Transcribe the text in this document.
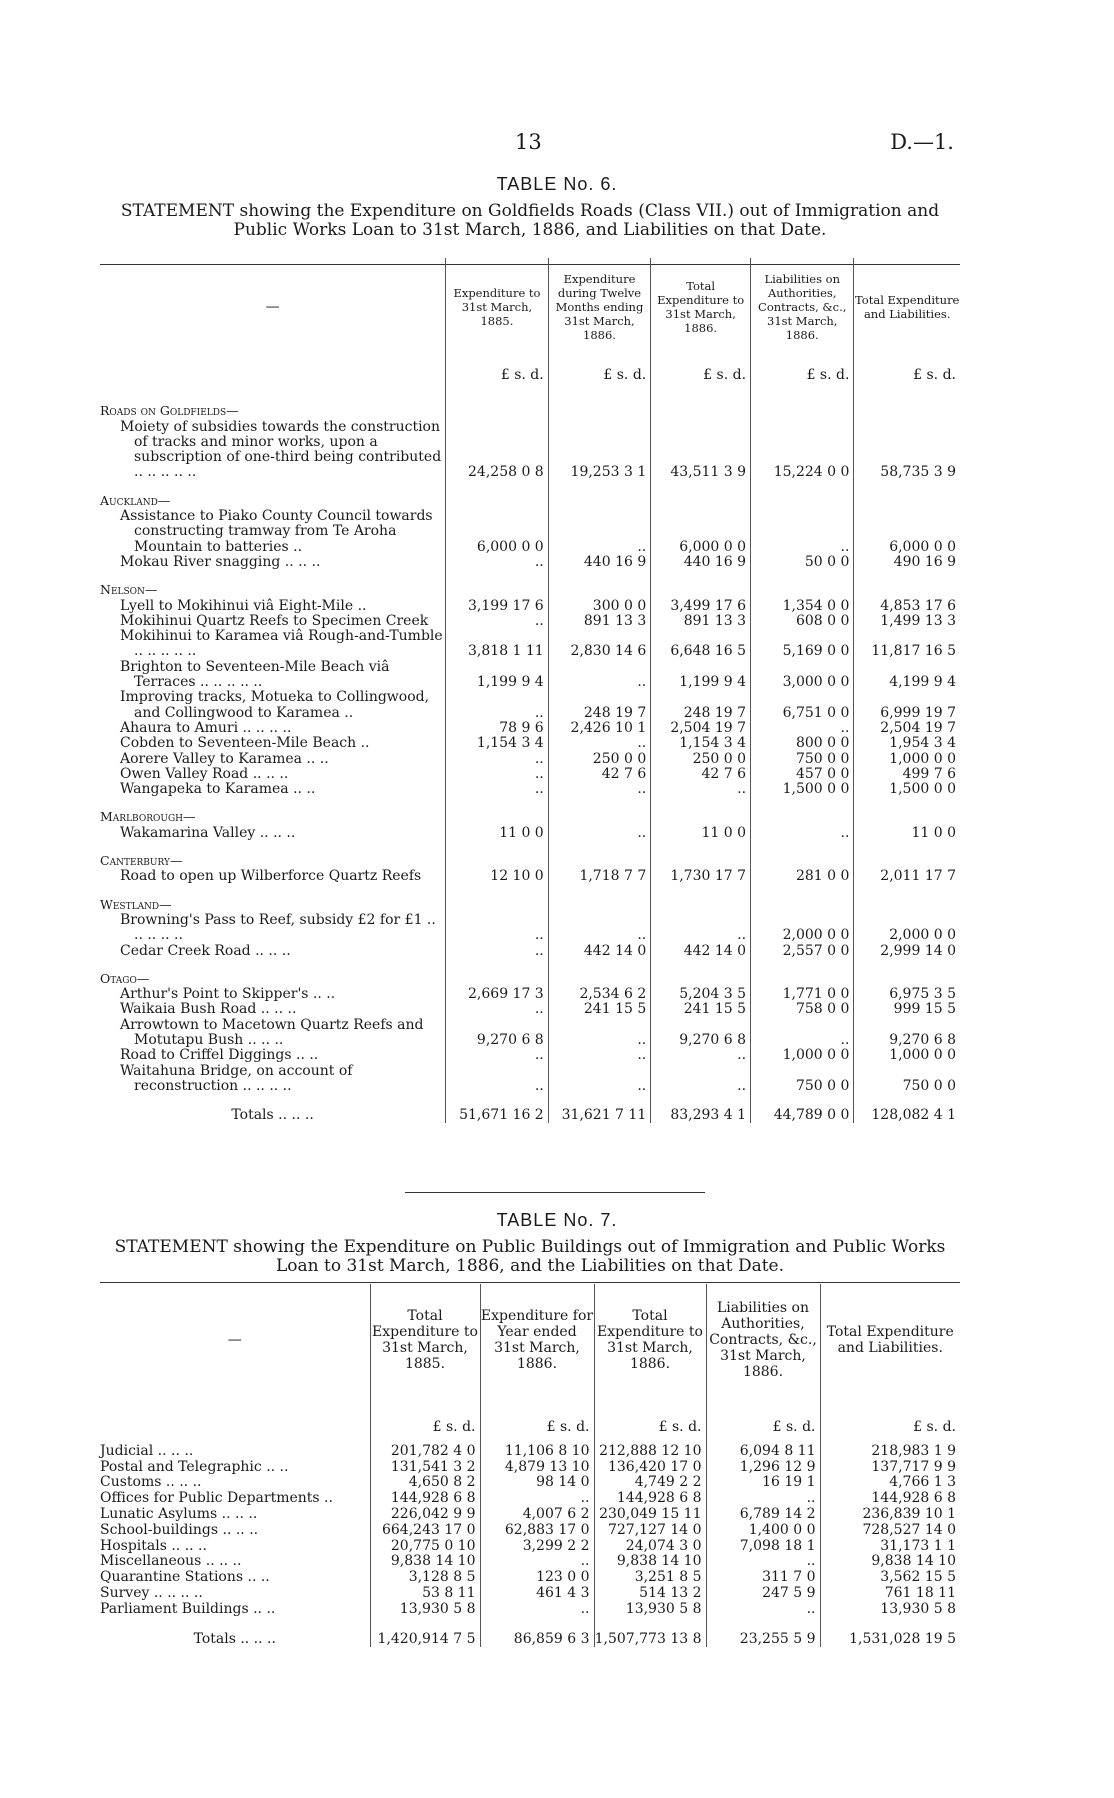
13	D.—1.
TABLE No. 6.
STATEMENT showing the Expenditure on Goldfields Roads (Class VII.) out of Immigration and Public Works Loan to 31st March, 1886, and Liabilities on that Date.
—	Expenditure to 31st March, 1885.	Expenditure during Twelve Months ending 31st March, 1886.	Total Expenditure to 31st March, 1886.	Liabilities on Authorities, Contracts, &c., 31st March, 1886.	Total Expenditure and Liabilities.
	£ s. d.	£ s. d.	£ s. d.	£ s. d.	£ s. d.
Roads on Goldfields—					
Moiety of subsidies towards the construction of tracks and minor works, upon a subscription of one-third being contributed .. .. .. .. ..	24,258 0 8	19,253 3 1	43,511 3 9	15,224 0 0	58,735 3 9
Auckland—					
Assistance to Piako County Council towards constructing tramway from Te Aroha Mountain to batteries ..	6,000 0 0	..	6,000 0 0	..	6,000 0 0
Mokau River snagging .. .. ..	..	440 16 9	440 16 9	50 0 0	490 16 9
Nelson—					
Lyell to Mokihinui viâ Eight-Mile ..	3,199 17 6	300 0 0	3,499 17 6	1,354 0 0	4,853 17 6
Mokihinui Quartz Reefs to Specimen Creek	..	891 13 3	891 13 3	608 0 0	1,499 13 3
Mokihinui to Karamea viâ Rough-and-Tumble .. .. .. .. ..	3,818 1 11	2,830 14 6	6,648 16 5	5,169 0 0	11,817 16 5
Brighton to Seventeen-Mile Beach viâ Terraces .. .. .. .. ..	1,199 9 4	..	1,199 9 4	3,000 0 0	4,199 9 4
Improving tracks, Motueka to Collingwood, and Collingwood to Karamea ..	..	248 19 7	248 19 7	6,751 0 0	6,999 19 7
Ahaura to Amuri .. .. .. ..	78 9 6	2,426 10 1	2,504 19 7	..	2,504 19 7
Cobden to Seventeen-Mile Beach ..	1,154 3 4	..	1,154 3 4	800 0 0	1,954 3 4
Aorere Valley to Karamea .. ..	..	250 0 0	250 0 0	750 0 0	1,000 0 0
Owen Valley Road .. .. ..	..	42 7 6	42 7 6	457 0 0	499 7 6
Wangapeka to Karamea .. ..	..	..	..	1,500 0 0	1,500 0 0
Marlborough—					
Wakamarina Valley .. .. ..	11 0 0	..	11 0 0	..	11 0 0
Canterbury—					
Road to open up Wilberforce Quartz Reefs	12 10 0	1,718 7 7	1,730 17 7	281 0 0	2,011 17 7
Westland—					
Browning's Pass to Reef, subsidy £2 for £1 .. .. .. .. ..	..	..	..	2,000 0 0	2,000 0 0
Cedar Creek Road .. .. ..	..	442 14 0	442 14 0	2,557 0 0	2,999 14 0
Otago—					
Arthur's Point to Skipper's .. ..	2,669 17 3	2,534 6 2	5,204 3 5	1,771 0 0	6,975 3 5
Waikaia Bush Road .. .. ..	..	241 15 5	241 15 5	758 0 0	999 15 5
Arrowtown to Macetown Quartz Reefs and Motutapu Bush .. .. ..	9,270 6 8	..	9,270 6 8	..	9,270 6 8
Road to Criffel Diggings .. ..	..	..	..	1,000 0 0	1,000 0 0
Waitahuna Bridge, on account of reconstruction .. .. .. ..	..	..	..	750 0 0	750 0 0
Totals .. .. ..	51,671 16 2	31,621 7 11	83,293 4 1	44,789 0 0	128,082 4 1
TABLE No. 7.
STATEMENT showing the Expenditure on Public Buildings out of Immigration and Public Works Loan to 31st March, 1886, and the Liabilities on that Date.
—	Total Expenditure to 31st March, 1885.	Expenditure for Year ended 31st March, 1886.	Total Expenditure to 31st March, 1886.	Liabilities on Authorities, Contracts, &c., 31st March, 1886.	Total Expenditure and Liabilities.
	£ s. d.	£ s. d.	£ s. d.	£ s. d.	£ s. d.
Judicial .. .. ..	201,782 4 0	11,106 8 10	212,888 12 10	6,094 8 11	218,983 1 9
Postal and Telegraphic .. ..	131,541 3 2	4,879 13 10	136,420 17 0	1,296 12 9	137,717 9 9
Customs .. .. ..	4,650 8 2	98 14 0	4,749 2 2	16 19 1	4,766 1 3
Offices for Public Departments ..	144,928 6 8	..	144,928 6 8	..	144,928 6 8
Lunatic Asylums .. .. ..	226,042 9 9	4,007 6 2	230,049 15 11	6,789 14 2	236,839 10 1
School-buildings .. .. ..	664,243 17 0	62,883 17 0	727,127 14 0	1,400 0 0	728,527 14 0
Hospitals .. .. ..	20,775 0 10	3,299 2 2	24,074 3 0	7,098 18 1	31,173 1 1
Miscellaneous .. .. ..	9,838 14 10	..	9,838 14 10	..	9,838 14 10
Quarantine Stations .. ..	3,128 8 5	123 0 0	3,251 8 5	311 7 0	3,562 15 5
Survey .. .. .. ..	53 8 11	461 4 3	514 13 2	247 5 9	761 18 11
Parliament Buildings .. ..	13,930 5 8	..	13,930 5 8	..	13,930 5 8
Totals .. .. ..	1,420,914 7 5	86,859 6 3	1,507,773 13 8	23,255 5 9	1,531,028 19 5
